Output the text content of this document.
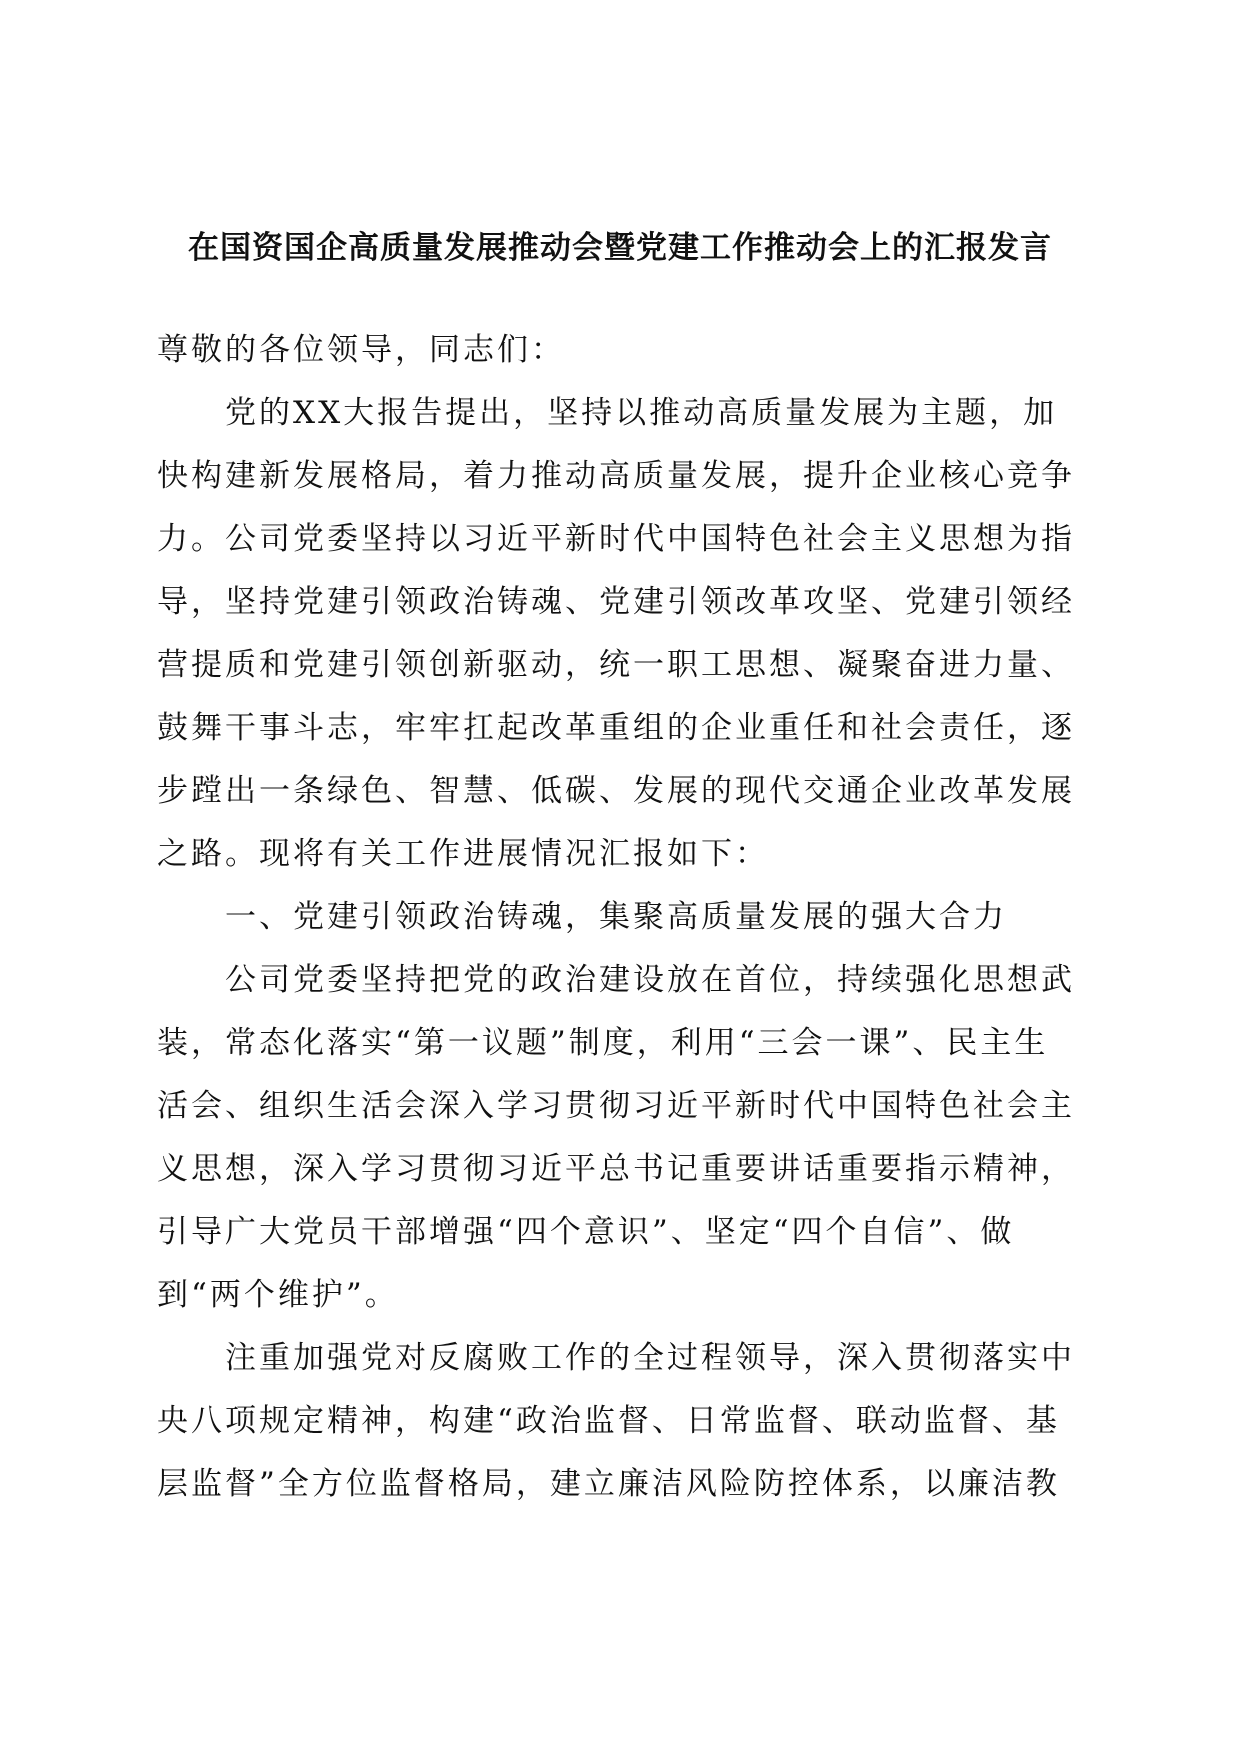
在国资国企高质量发展推动会暨党建工作推动会上的汇报发言

尊敬的各位领导，同志们：

党的XX大报告提出，坚持以推动高质量发展为主题，加快构建新发展格局，着力推动高质量发展，提升企业核心竞争力。公司党委坚持以习近平新时代中国特色社会主义思想为指导，坚持党建引领政治铸魂、党建引领改革攻坚、党建引领经营提质和党建引领创新驱动，统一职工思想、凝聚奋进力量、鼓舞干事斗志，牢牢扛起改革重组的企业重任和社会责任，逐步蹚出一条绿色、智慧、低碳、发展的现代交通企业改革发展之路。现将有关工作进展情况汇报如下：

一、党建引领政治铸魂，集聚高质量发展的强大合力

公司党委坚持把党的政治建设放在首位，持续强化思想武装，常态化落实“第一议题”制度，利用“三会一课”、民主生活会、组织生活会深入学习贯彻习近平新时代中国特色社会主义思想，深入学习贯彻习近平总书记重要讲话重要指示精神，引导广大党员干部增强“四个意识”、坚定“四个自信”、做到“两个维护”。

注重加强党对反腐败工作的全过程领导，深入贯彻落实中央八项规定精神，构建“政治监督、日常监督、联动监督、基层监督”全方位监督格局，建立廉洁风险防控体系，以廉洁教
